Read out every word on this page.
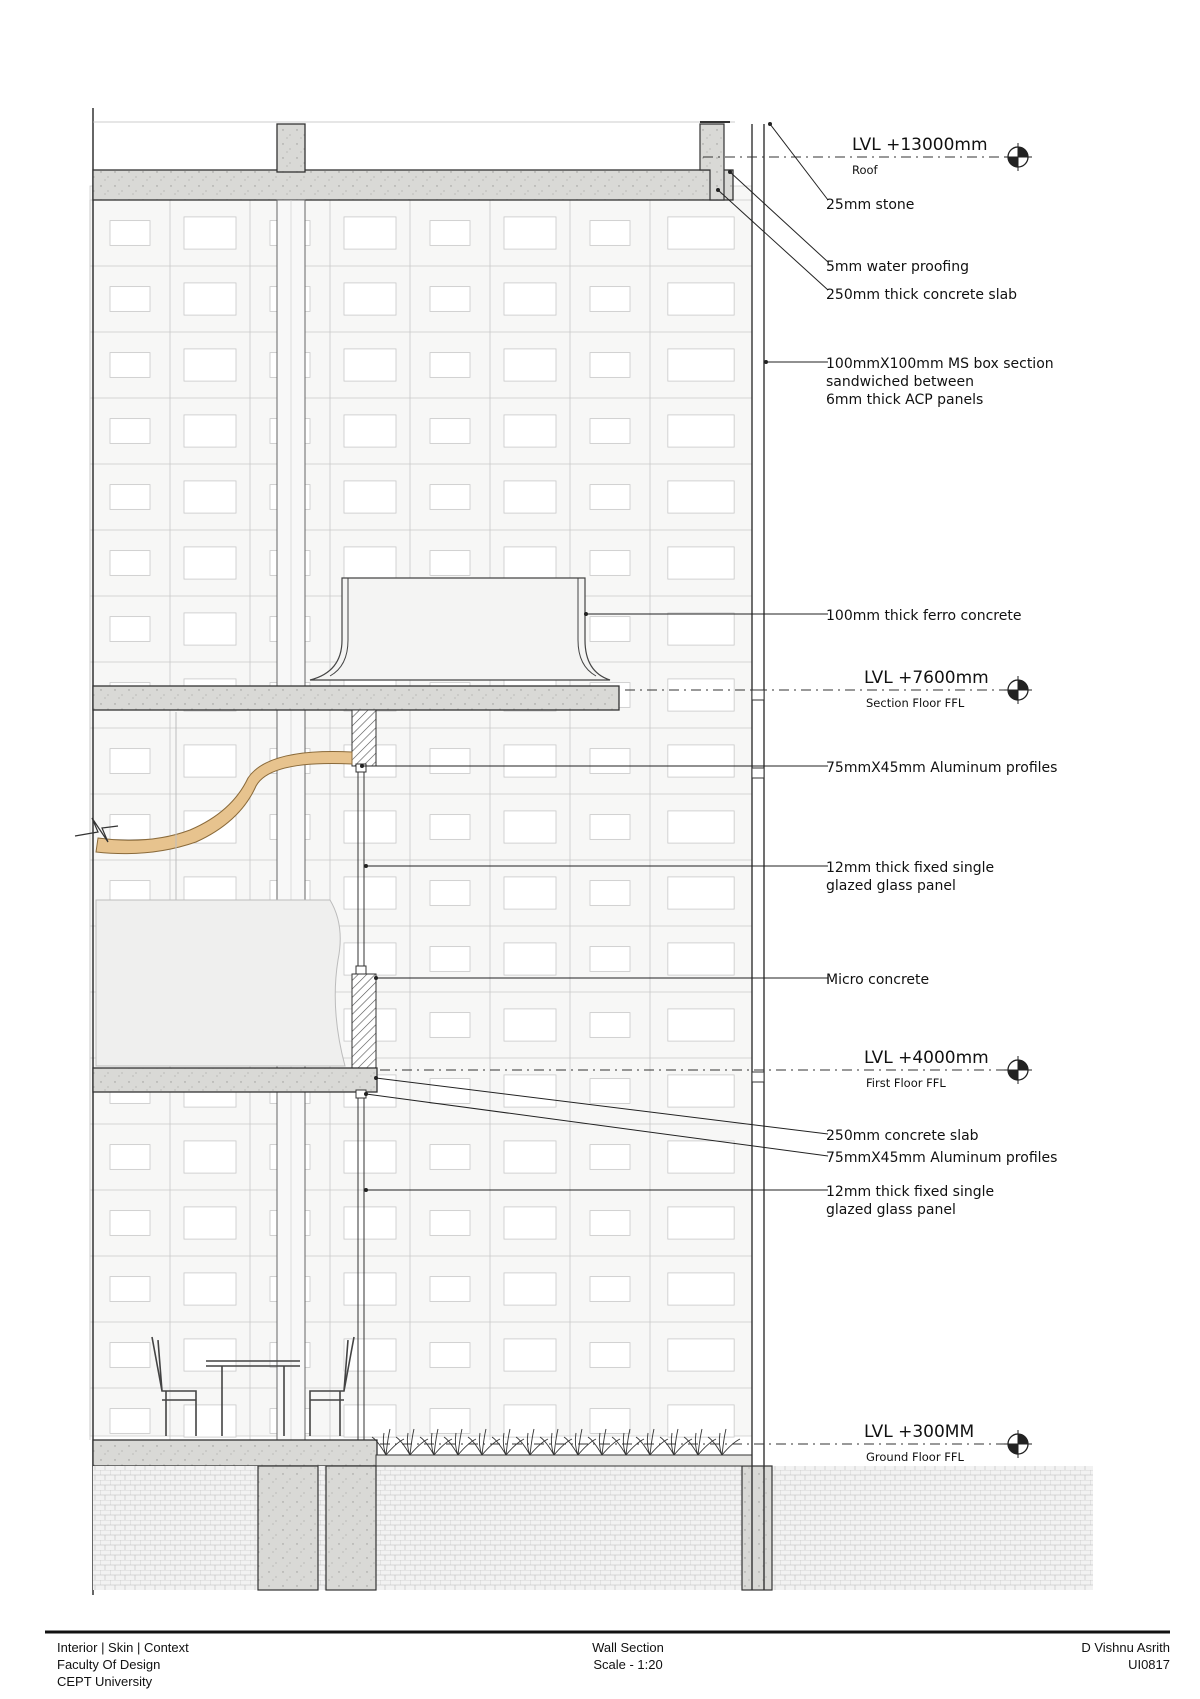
LVL +13000mm
Roof
LVL +7600mm
Section Floor FFL
LVL +4000mm
First Floor FFL
LVL +300MM
Ground Floor FFL
25mm stone
5mm water proofing
250mm thick concrete slab
100mmX100mm MS box section
sandwiched between
6mm thick ACP panels
100mm thick ferro concrete
75mmX45mm Aluminum profiles
12mm thick fixed single
glazed glass panel
Micro concrete
250mm concrete slab
75mmX45mm Aluminum profiles
12mm thick fixed single
glazed glass panel
Interior | Skin | Context
Faculty Of Design
CEPT University
Wall Section
Scale - 1:20
D Vishnu Asrith
UI0817
